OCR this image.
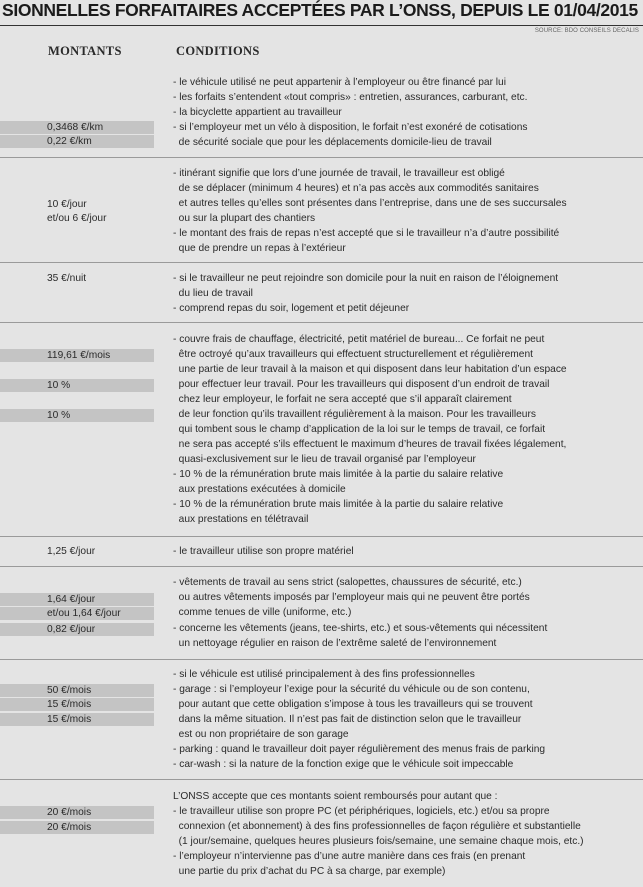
SIONNELLES FORFAITAIRES ACCEPTÉES PAR L’ONSS, DEPUIS LE 01/04/2015
SOURCE: BDO CONSEILS DECALIS
MONTANTS	CONDITIONS
0,3468 €/km
0,22 €/km
10 €/jour
et/ou 6 €/jour
35 €/nuit
119,61 €/mois
10 %
10 %
1,25 €/jour
1,64 €/jour
et/ou 1,64 €/jour
0,82 €/jour
50 €/mois
15 €/mois
15 €/mois
20 €/mois
20 €/mois
- le véhicule utilisé ne peut appartenir à l’employeur ou être financé par lui
- les forfaits s’entendent «tout compris» : entretien, assurances, carburant, etc.
- la bicyclette appartient au travailleur
- si l’employeur met un vélo à disposition, le forfait n’est exonéré de cotisations
de sécurité sociale que pour les déplacements domicile-lieu de travail
- itinérant signifie que lors d’une journée de travail, le travailleur est obligé
de se déplacer (minimum 4 heures) et n’a pas accès aux commodités sanitaires
et autres telles qu’elles sont présentes dans l’entreprise, dans une de ses succursales
ou sur la plupart des chantiers
- le montant des frais de repas n’est accepté que si le travailleur n’a d’autre possibilité
que de prendre un repas à l’extérieur
- si le travailleur ne peut rejoindre son domicile pour la nuit en raison de l’éloignement
du lieu de travail
- comprend repas du soir, logement et petit déjeuner
- couvre frais de chauffage, électricité, petit matériel de bureau... Ce forfait ne peut
être octroyé qu’aux travailleurs qui effectuent structurellement et régulièrement
une partie de leur travail à la maison et qui disposent dans leur habitation d’un espace
pour effectuer leur travail. Pour les travailleurs qui disposent d’un endroit de travail
chez leur employeur, le forfait ne sera accepté que s’il apparaît clairement
de leur fonction qu’ils travaillent régulièrement à la maison. Pour les travailleurs
qui tombent sous le champ d’application de la loi sur le temps de travail, ce forfait
ne sera pas accepté s’ils effectuent le maximum d’heures de travail fixées légalement,
quasi-exclusivement sur le lieu de travail organisé par l’employeur
- 10 % de la rémunération brute mais limitée à la partie du salaire relative
aux prestations exécutées à domicile
- 10 % de la rémunération brute mais limitée à la partie du salaire relative
aux prestations en télétravail
- le travailleur utilise son propre matériel
- vêtements de travail au sens strict (salopettes, chaussures de sécurité, etc.)
ou autres vêtements imposés par l’employeur mais qui ne peuvent être portés
comme tenues de ville (uniforme, etc.)
- concerne les vêtements (jeans, tee-shirts, etc.) et sous-vêtements qui nécessitent
un nettoyage régulier en raison de l’extrême saleté de l’environnement
- si le véhicule est utilisé principalement à des fins professionnelles
- garage : si l’employeur l’exige pour la sécurité du véhicule ou de son contenu,
pour autant que cette obligation s’impose à tous les travailleurs qui se trouvent
dans la même situation. Il n’est pas fait de distinction selon que le travailleur
est ou non propriétaire de son garage
- parking : quand le travailleur doit payer régulièrement des menus frais de parking
- car-wash : si la nature de la fonction exige que le véhicule soit impeccable
L’ONSS accepte que ces montants soient remboursés pour autant que :
- le travailleur utilise son propre PC (et périphériques, logiciels, etc.) et/ou sa propre
connexion (et abonnement) à des fins professionnelles de façon régulière et substantielle
(1 jour/semaine, quelques heures plusieurs fois/semaine, une semaine chaque mois, etc.)
- l’employeur n’intervienne pas d’une autre manière dans ces frais (en prenant
une partie du prix d’achat du PC à sa charge, par exemple)
